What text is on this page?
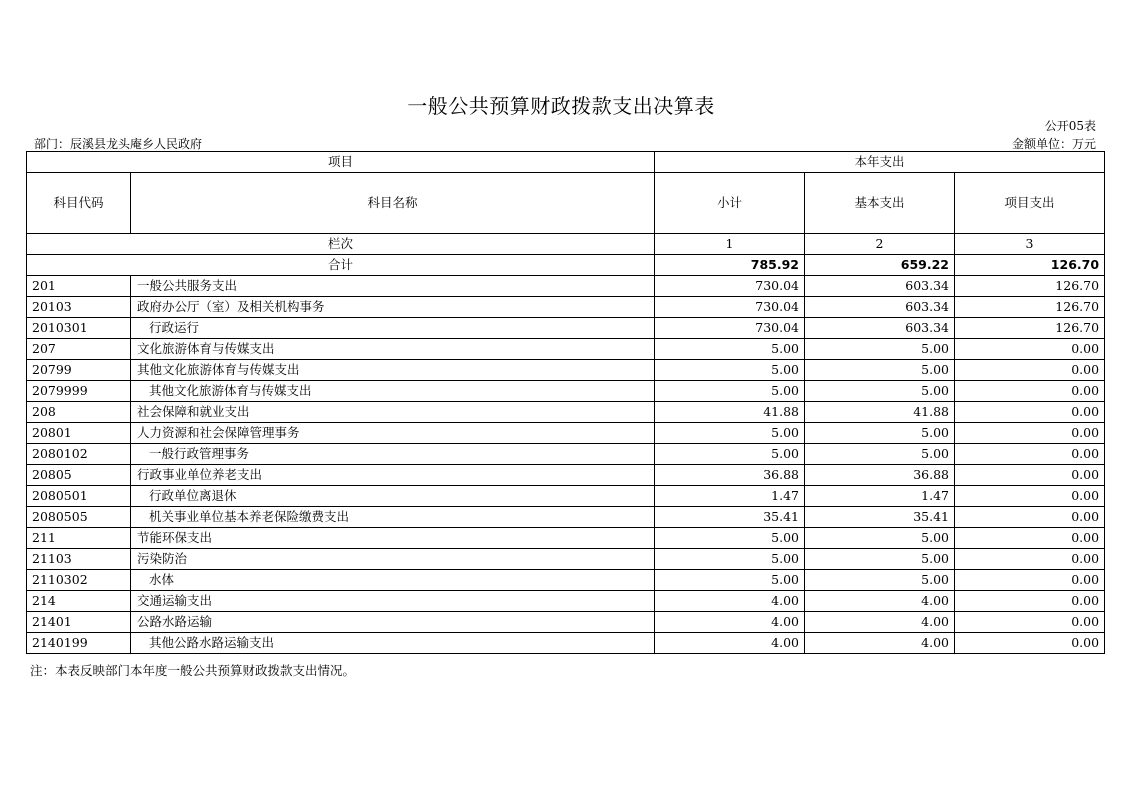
一般公共预算财政拨款支出决算表
公开05表
部门：辰溪县龙头庵乡人民政府	金额单位：万元
项目		本年支出		
科目代码	科目名称	小计	基本支出	项目支出
栏次		1	2	3
合计		785.92	659.22	126.70
201	一般公共服务支出	730.04	603.34	126.70
20103	政府办公厅（室）及相关机构事务	730.04	603.34	126.70
2010301	行政运行	730.04	603.34	126.70
207	文化旅游体育与传媒支出	5.00	5.00	0.00
20799	其他文化旅游体育与传媒支出	5.00	5.00	0.00
2079999	其他文化旅游体育与传媒支出	5.00	5.00	0.00
208	社会保障和就业支出	41.88	41.88	0.00
20801	人力资源和社会保障管理事务	5.00	5.00	0.00
2080102	一般行政管理事务	5.00	5.00	0.00
20805	行政事业单位养老支出	36.88	36.88	0.00
2080501	行政单位离退休	1.47	1.47	0.00
2080505	机关事业单位基本养老保险缴费支出	35.41	35.41	0.00
211	节能环保支出	5.00	5.00	0.00
21103	污染防治	5.00	5.00	0.00
2110302	水体	5.00	5.00	0.00
214	交通运输支出	4.00	4.00	0.00
21401	公路水路运输	4.00	4.00	0.00
2140199	其他公路水路运输支出	4.00	4.00	0.00
注：本表反映部门本年度一般公共预算财政拨款支出情况。
